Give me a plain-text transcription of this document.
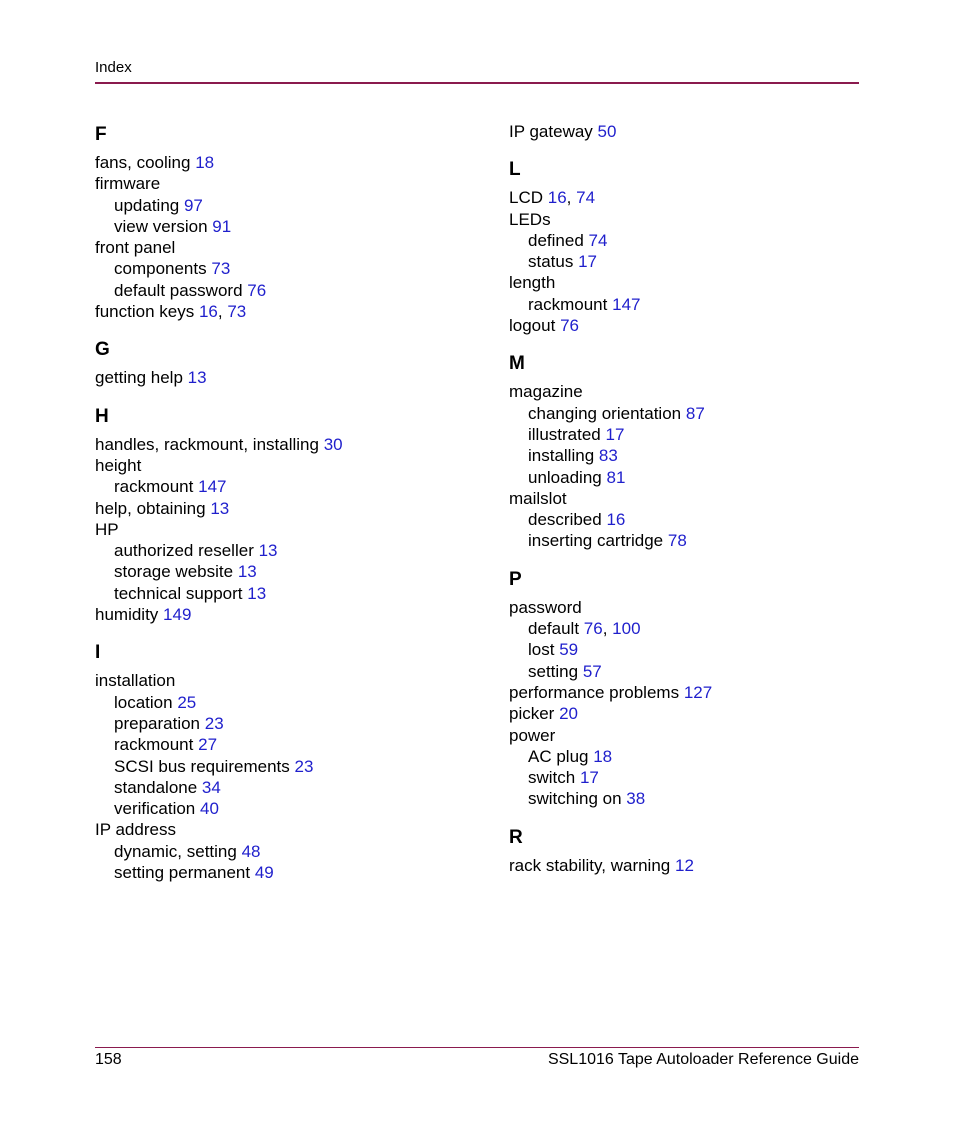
Index
F
fans, cooling 18
firmware
updating 97
view version 91
front panel
components 73
default password 76
function keys 16, 73
G
getting help 13
H
handles, rackmount, installing 30
height
rackmount 147
help, obtaining 13
HP
authorized reseller 13
storage website 13
technical support 13
humidity 149
I
installation
location 25
preparation 23
rackmount 27
SCSI bus requirements 23
standalone 34
verification 40
IP address
dynamic, setting 48
setting permanent 49
IP gateway 50
L
LCD 16, 74
LEDs
defined 74
status 17
length
rackmount 147
logout 76
M
magazine
changing orientation 87
illustrated 17
installing 83
unloading 81
mailslot
described 16
inserting cartridge 78
P
password
default 76, 100
lost 59
setting 57
performance problems 127
picker 20
power
AC plug 18
switch 17
switching on 38
R
rack stability, warning 12
158	SSL1016 Tape Autoloader Reference Guide
